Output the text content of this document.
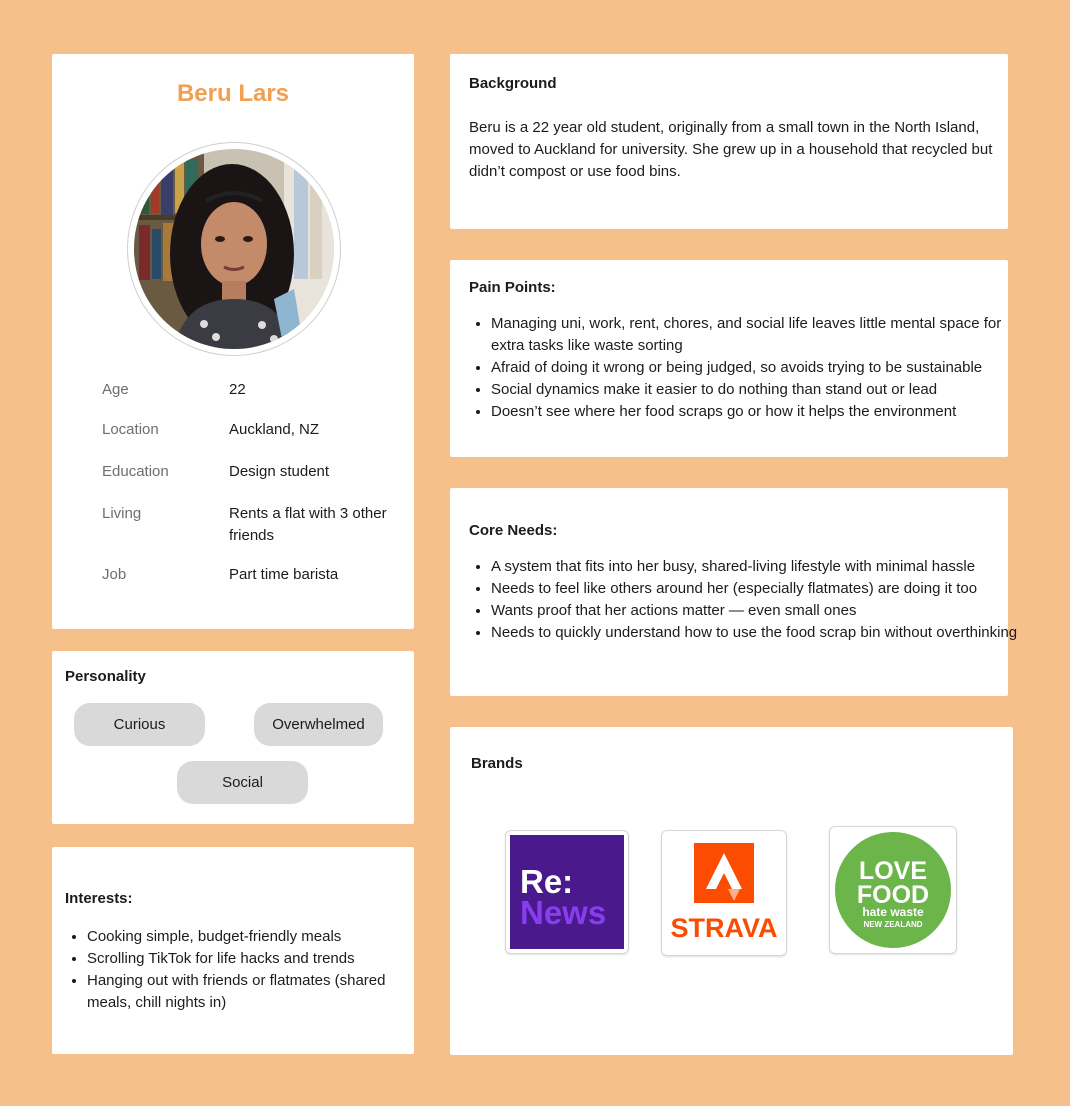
Beru Lars
Age	22
Location	Auckland, NZ
Education	Design student
Living	Rents a flat with 3 other friends
Job	Part time barista
Personality
Curious	Overwhelmed
Social
Interests:
• Cooking simple, budget-friendly meals
• Scrolling TikTok for life hacks and trends
• Hanging out with friends or flatmates (shared meals, chill nights in)
Background
Beru is a 22 year old student, originally from a small town in the North Island, moved to Auckland for university. She grew up in a household that recycled but didn’t compost or use food bins.
Pain Points:
• Managing uni, work, rent, chores, and social life leaves little mental space for extra tasks like waste sorting
• Afraid of doing it wrong or being judged, so avoids trying to be sustainable
• Social dynamics make it easier to do nothing than stand out or lead
• Doesn’t see where her food scraps go or how it helps the environment
Core Needs:
• A system that fits into her busy, shared-living lifestyle with minimal hassle
• Needs to feel like others around her (especially flatmates) are doing it too
• Wants proof that her actions matter — even small ones
• Needs to quickly understand how to use the food scrap bin without overthinking
Brands
Re:
News STRAVA
LOVE
FOOD
hate waste
NEW ZEALAND
